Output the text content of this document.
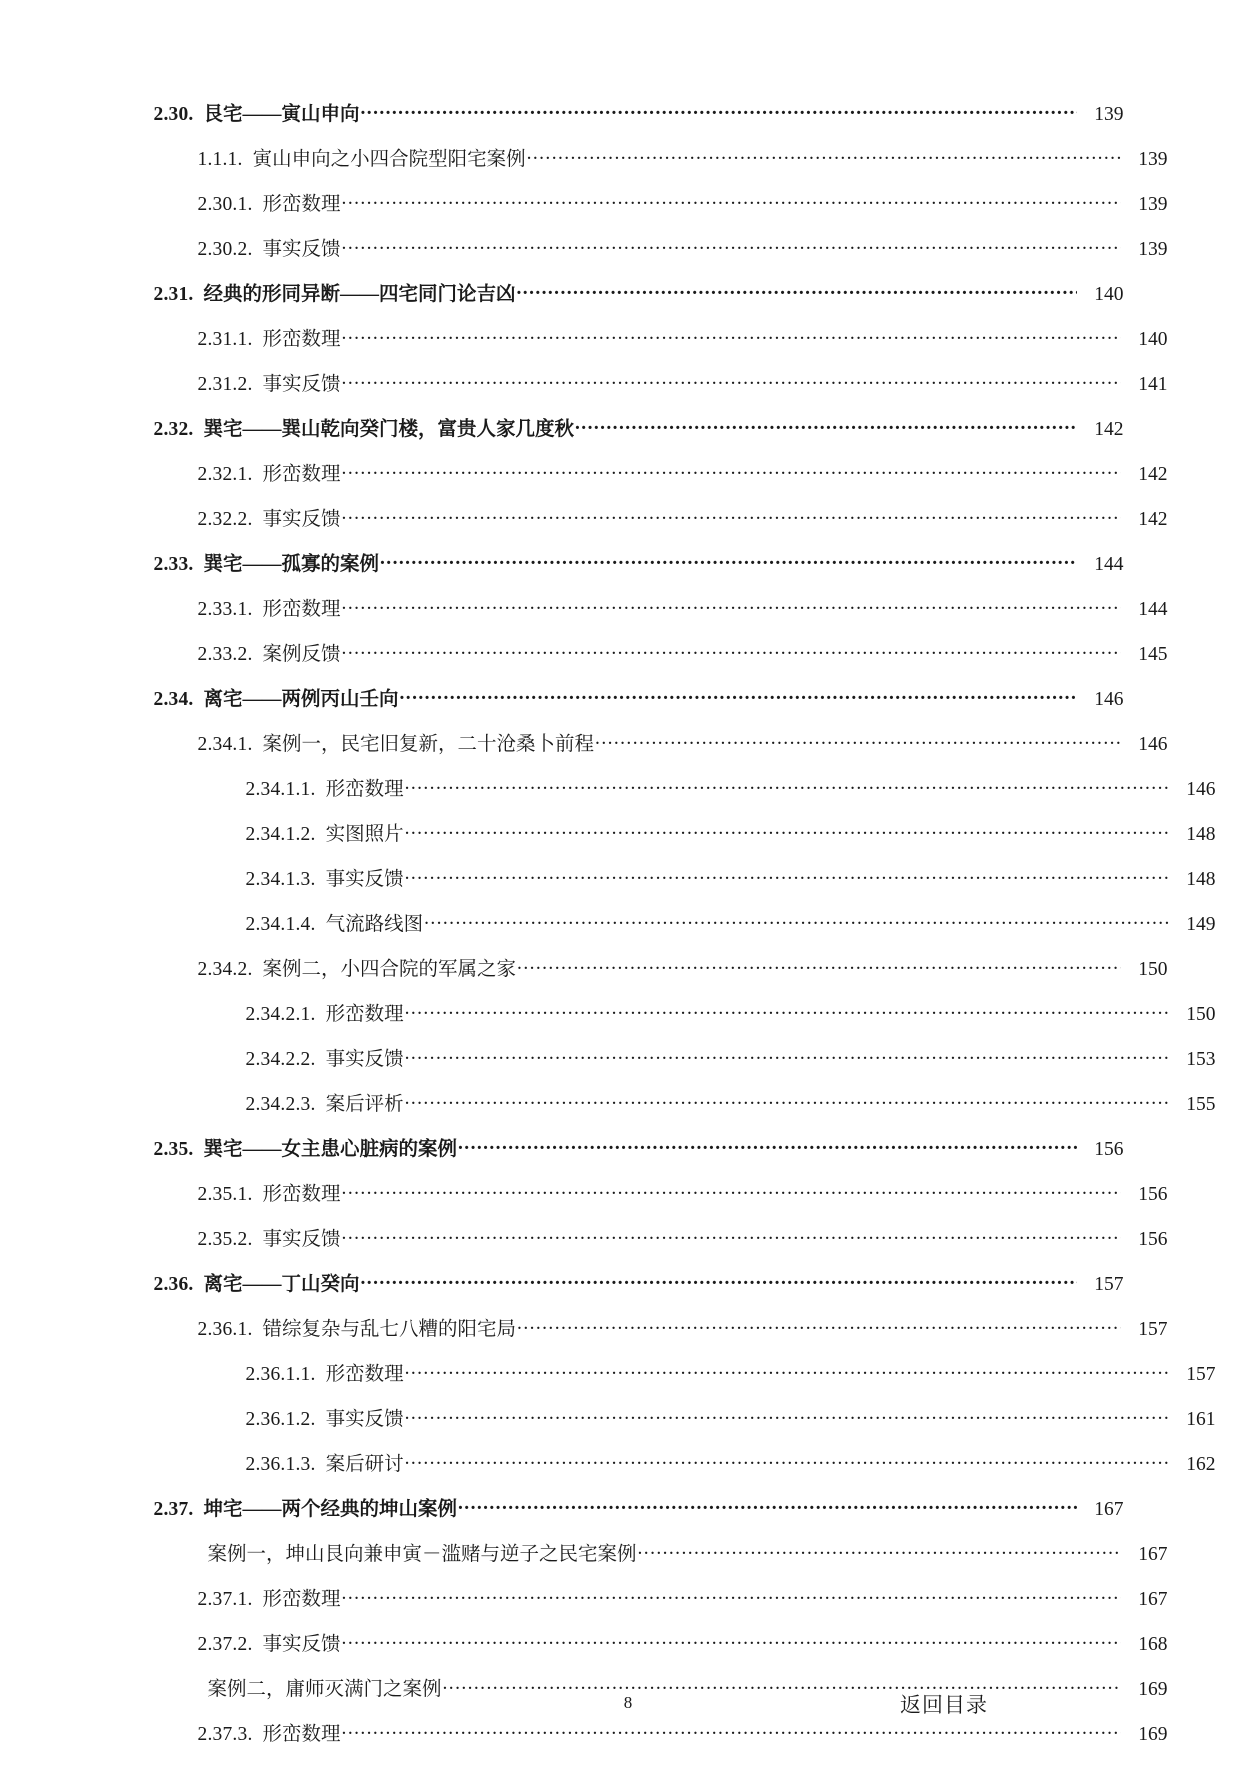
2.30. 艮宅——寅山申向 .....	139
1.1.1. 寅山申向之小四合院型阳宅案例 .....	139
2.30.1. 形峦数理 .....	139
2.30.2. 事实反馈 .....	139
2.31. 经典的形同异断——四宅同门论吉凶 .....	140
2.31.1. 形峦数理 .....	140
2.31.2. 事实反馈 .....	141
2.32. 巽宅——巽山乾向癸门楼，富贵人家几度秋 .....	142
2.32.1. 形峦数理 .....	142
2.32.2. 事实反馈 .....	142
2.33. 巽宅——孤寡的案例 .....	144
2.33.1. 形峦数理 .....	144
2.33.2. 案例反馈 .....	145
2.34. 离宅——两例丙山壬向 .....	146
2.34.1. 案例一，民宅旧复新，二十沧桑卜前程 .....	146
2.34.1.1. 形峦数理 .....	146
2.34.1.2. 实图照片 .....	148
2.34.1.3. 事实反馈 .....	148
2.34.1.4. 气流路线图 .....	149
2.34.2. 案例二，小四合院的军属之家 .....	150
2.34.2.1. 形峦数理 .....	150
2.34.2.2. 事实反馈 .....	153
2.34.2.3. 案后评析 .....	155
2.35. 巽宅——女主患心脏病的案例 .....	156
2.35.1. 形峦数理 .....	156
2.35.2. 事实反馈 .....	156
2.36. 离宅——丁山癸向 .....	157
2.36.1. 错综复杂与乱七八糟的阳宅局 .....	157
2.36.1.1. 形峦数理 .....	157
2.36.1.2. 事实反馈 .....	161
2.36.1.3. 案后研讨 .....	162
2.37. 坤宅——两个经典的坤山案例 .....	167
案例一，坤山艮向兼申寅－滥赌与逆子之民宅案例 .....	167
2.37.1. 形峦数理 .....	167
2.37.2. 事实反馈 .....	168
案例二，庸师灭满门之案例 .....	169
2.37.3. 形峦数理 .....	169
8	返回目录
